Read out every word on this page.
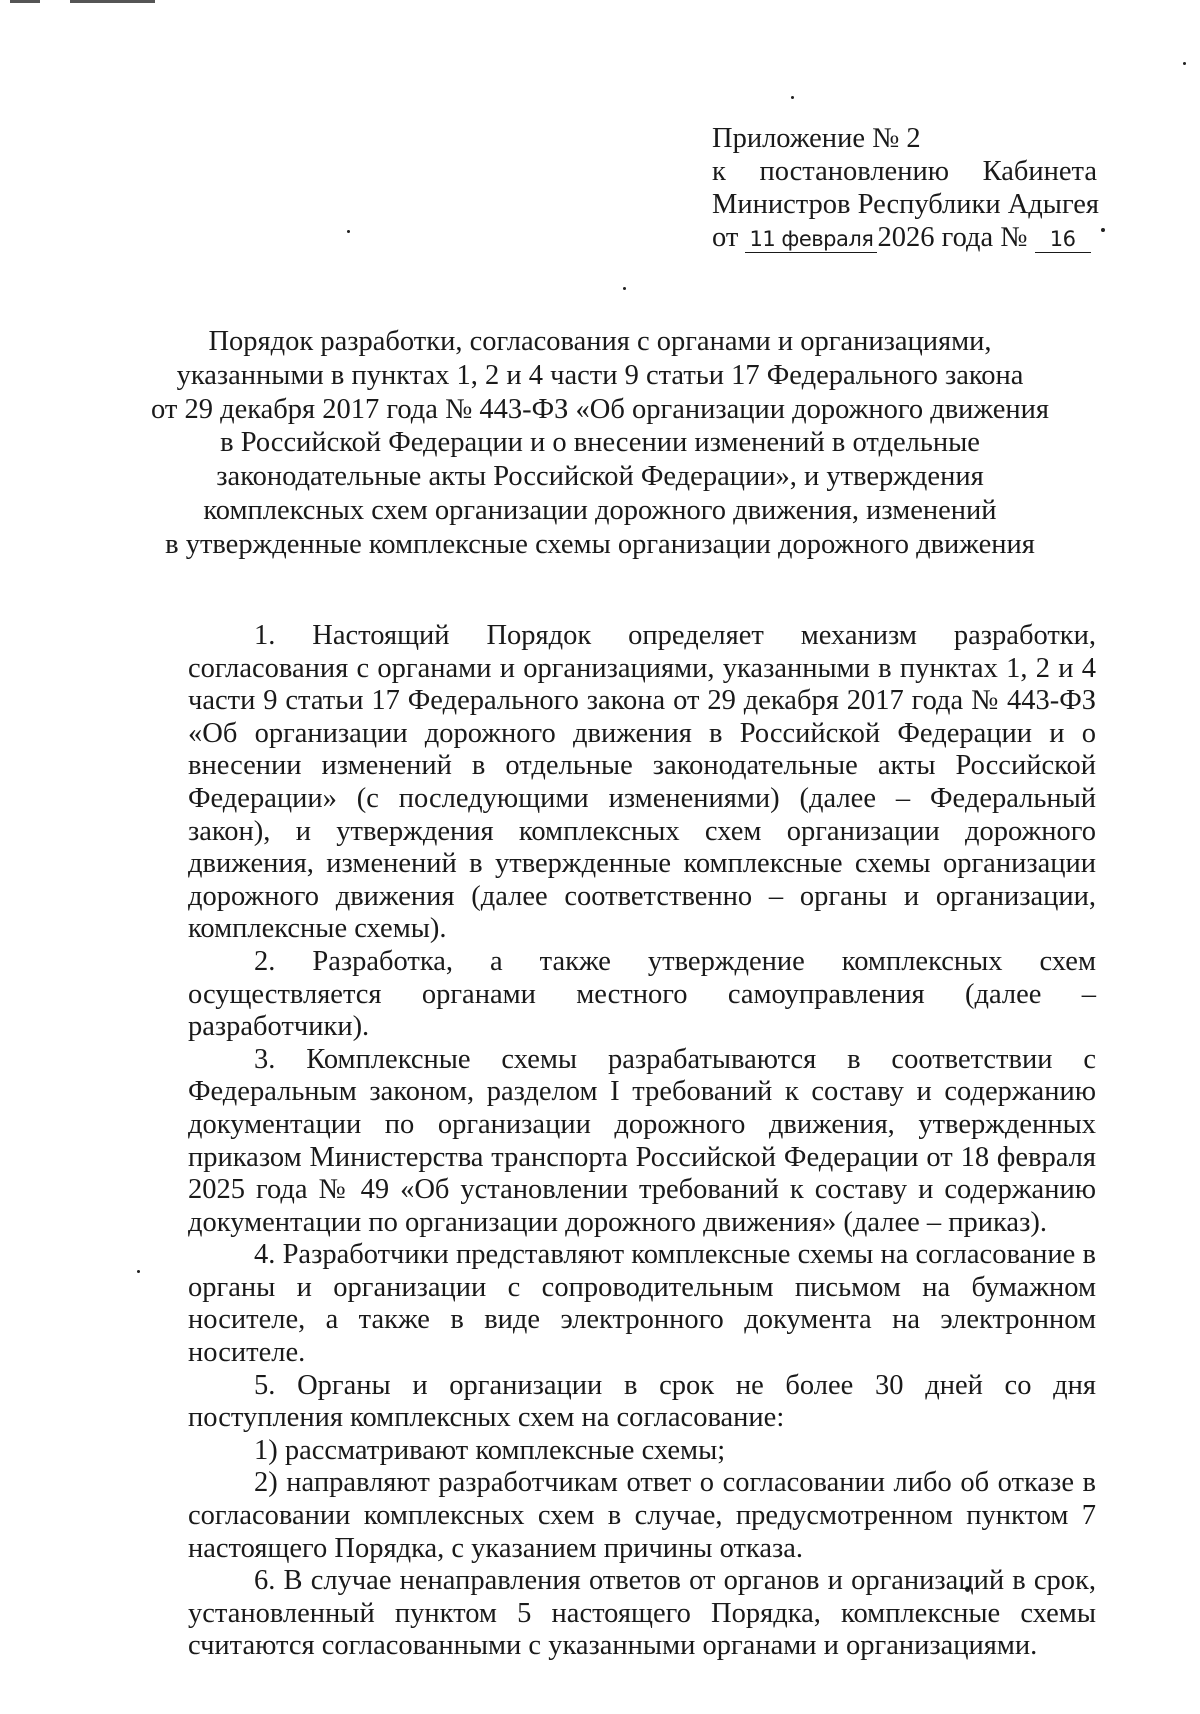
Приложение № 2
к постановлению Кабинета
Министров Республики Адыгея
от 11 февраля 2026 года № 16
Порядок разработки, согласования с органами и организациями,
указанными в пунктах 1, 2 и 4 части 9 статьи 17 Федерального закона
от 29 декабря 2017 года № 443-ФЗ «Об организации дорожного движения
в Российской Федерации и о внесении изменений в отдельные
законодательные акты Российской Федерации», и утверждения
комплексных схем организации дорожного движения, изменений
в утвержденные комплексные схемы организации дорожного движения

1. Настоящий Порядок определяет механизм разработки, согласования с органами и организациями, указанными в пунктах 1, 2 и 4 части 9 статьи 17 Федерального закона от 29 декабря 2017 года № 443-ФЗ «Об организации дорожного движения в Российской Федерации и о внесении изменений в отдельные законодательные акты Российской Федерации» (с последующими изменениями) (далее – Федеральный закон), и утверждения комплексных схем организации дорожного движения, изменений в утвержденные комплексные схемы организации дорожного движения (далее соответственно – органы и организации, комплексные схемы).

2. Разработка, а также утверждение комплексных схем осуществляется органами местного самоуправления (далее – разработчики).

3. Комплексные схемы разрабатываются в соответствии с Федеральным законом, разделом I требований к составу и содержанию документации по организации дорожного движения, утвержденных приказом Министерства транспорта Российской Федерации от 18 февраля 2025 года № 49 «Об установлении требований к составу и содержанию документации по организации дорожного движения» (далее – приказ).

4. Разработчики представляют комплексные схемы на согласование в органы и организации с сопроводительным письмом на бумажном носителе, а также в виде электронного документа на электронном носителе.

5. Органы и организации в срок не более 30 дней со дня поступления комплексных схем на согласование:

1) рассматривают комплексные схемы;

2) направляют разработчикам ответ о согласовании либо об отказе в согласовании комплексных схем в случае, предусмотренном пунктом 7 настоящего Порядка, с указанием причины отказа.

6. В случае ненаправления ответов от органов и организаций в срок, установленный пунктом 5 настоящего Порядка, комплексные схемы считаются согласованными с указанными органами и организациями.
